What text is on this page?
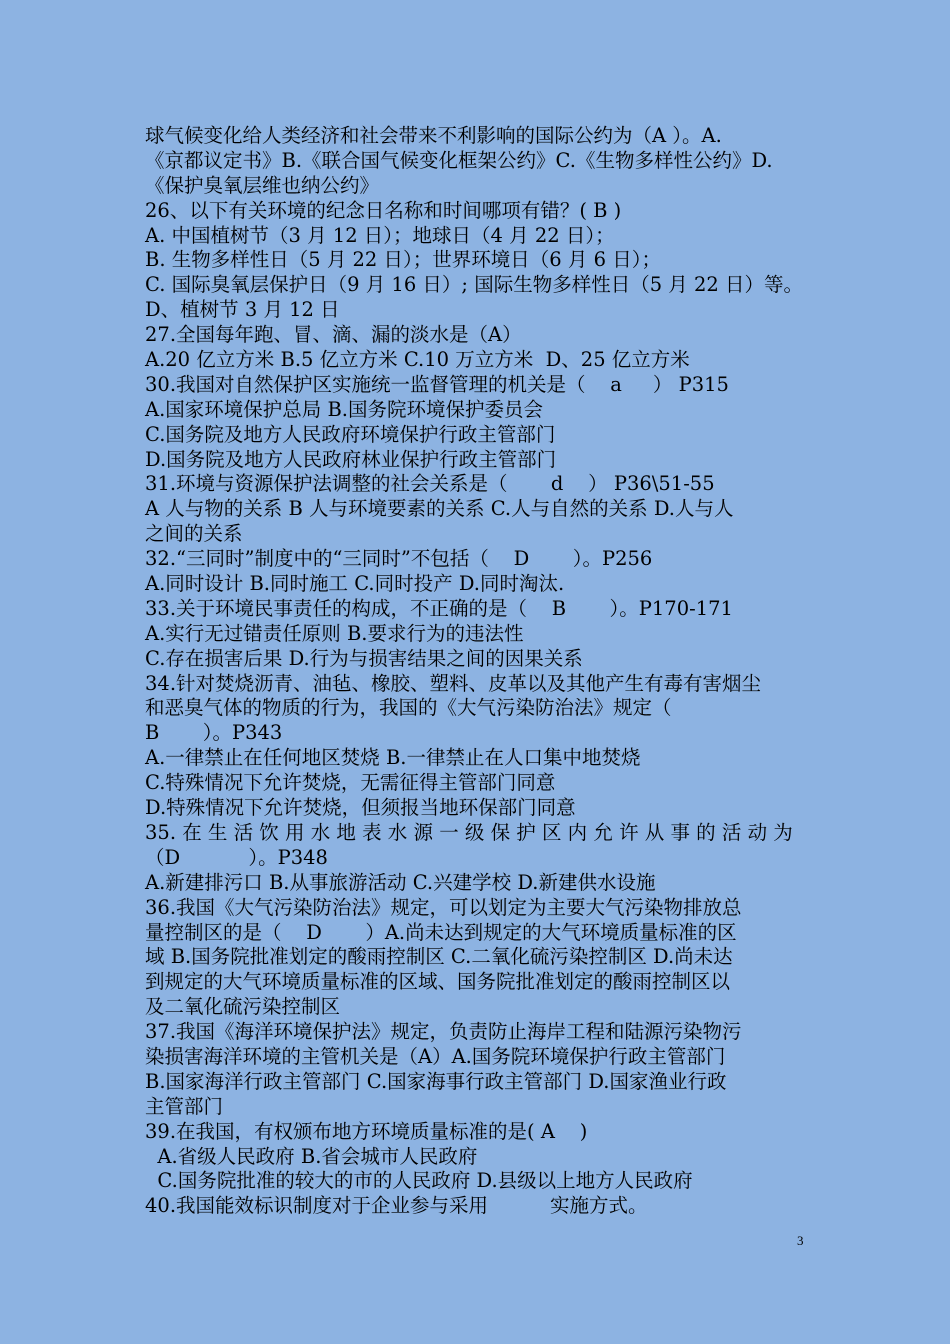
球气候变化给人类经济和社会带来不利影响的国际公约为（A ）。A.
《京都议定书》B.《联合国气候变化框架公约》C.《生物多样性公约》D.
《保护臭氧层维也纳公约》
26、以下有关环境的纪念日名称和时间哪项有错？( B )
A. 中国植树节（3 月 12 日）；地球日（4 月 22 日）；
B. 生物多样性日（5 月 22 日）；世界环境日（6 月 6 日）；
C. 国际臭氧层保护日（9 月 16 日）; 国际生物多样性日（5 月 22 日）等。
D、植树节 3 月 12 日
27.全国每年跑、冒、滴、漏的淡水是（A）
A.20 亿立方米 B.5 亿立方米 C.10 万立方米  D、25 亿立方米
30.我国对自然保护区实施统一监督管理的机关是（    a     ） P315
A.国家环境保护总局 B.国务院环境保护委员会
C.国务院及地方人民政府环境保护行政主管部门
D.国务院及地方人民政府林业保护行政主管部门
31.环境与资源保护法调整的社会关系是（       d    ） P36\51-55
A 人与物的关系 B 人与环境要素的关系 C.人与自然的关系 D.人与人
之间的关系
32.“三同时”制度中的“三同时”不包括（    D       ）。P256
A.同时设计 B.同时施工 C.同时投产 D.同时淘汰.
33.关于环境民事责任的构成，不正确的是（    B       ）。P170-171
A.实行无过错责任原则 B.要求行为的违法性
C.存在损害后果 D.行为与损害结果之间的因果关系
34.针对焚烧沥青、油毡、橡胶、塑料、皮革以及其他产生有毒有害烟尘
和恶臭气体的物质的行为，我国的《大气污染防治法》规定（
B       ）。P343
A.一律禁止在任何地区焚烧 B.一律禁止在人口集中地焚烧
C.特殊情况下允许焚烧，无需征得主管部门同意
D.特殊情况下允许焚烧，但须报当地环保部门同意
35. 在 生 活 饮 用 水 地 表 水 源 一 级 保 护 区 内 允 许 从 事 的 活 动 为
（D           ）。P348
A.新建排污口 B.从事旅游活动 C.兴建学校 D.新建供水设施
36.我国《大气污染防治法》规定，可以划定为主要大气污染物排放总
量控制区的是（    D       ）A.尚未达到规定的大气环境质量标准的区
域 B.国务院批准划定的酸雨控制区 C.二氧化硫污染控制区 D.尚未达
到规定的大气环境质量标准的区域、国务院批准划定的酸雨控制区以
及二氧化硫污染控制区
37.我国《海洋环境保护法》规定，负责防止海岸工程和陆源污染物污
染损害海洋环境的主管机关是（A）A.国务院环境保护行政主管部门
B.国家海洋行政主管部门 C.国家海事行政主管部门 D.国家渔业行政
主管部门
39.在我国，有权颁布地方环境质量标准的是( A    )
A.省级人民政府 B.省会城市人民政府
C.国务院批准的较大的市的人民政府 D.县级以上地方人民政府
40.我国能效标识制度对于企业参与采用          实施方式。
3
